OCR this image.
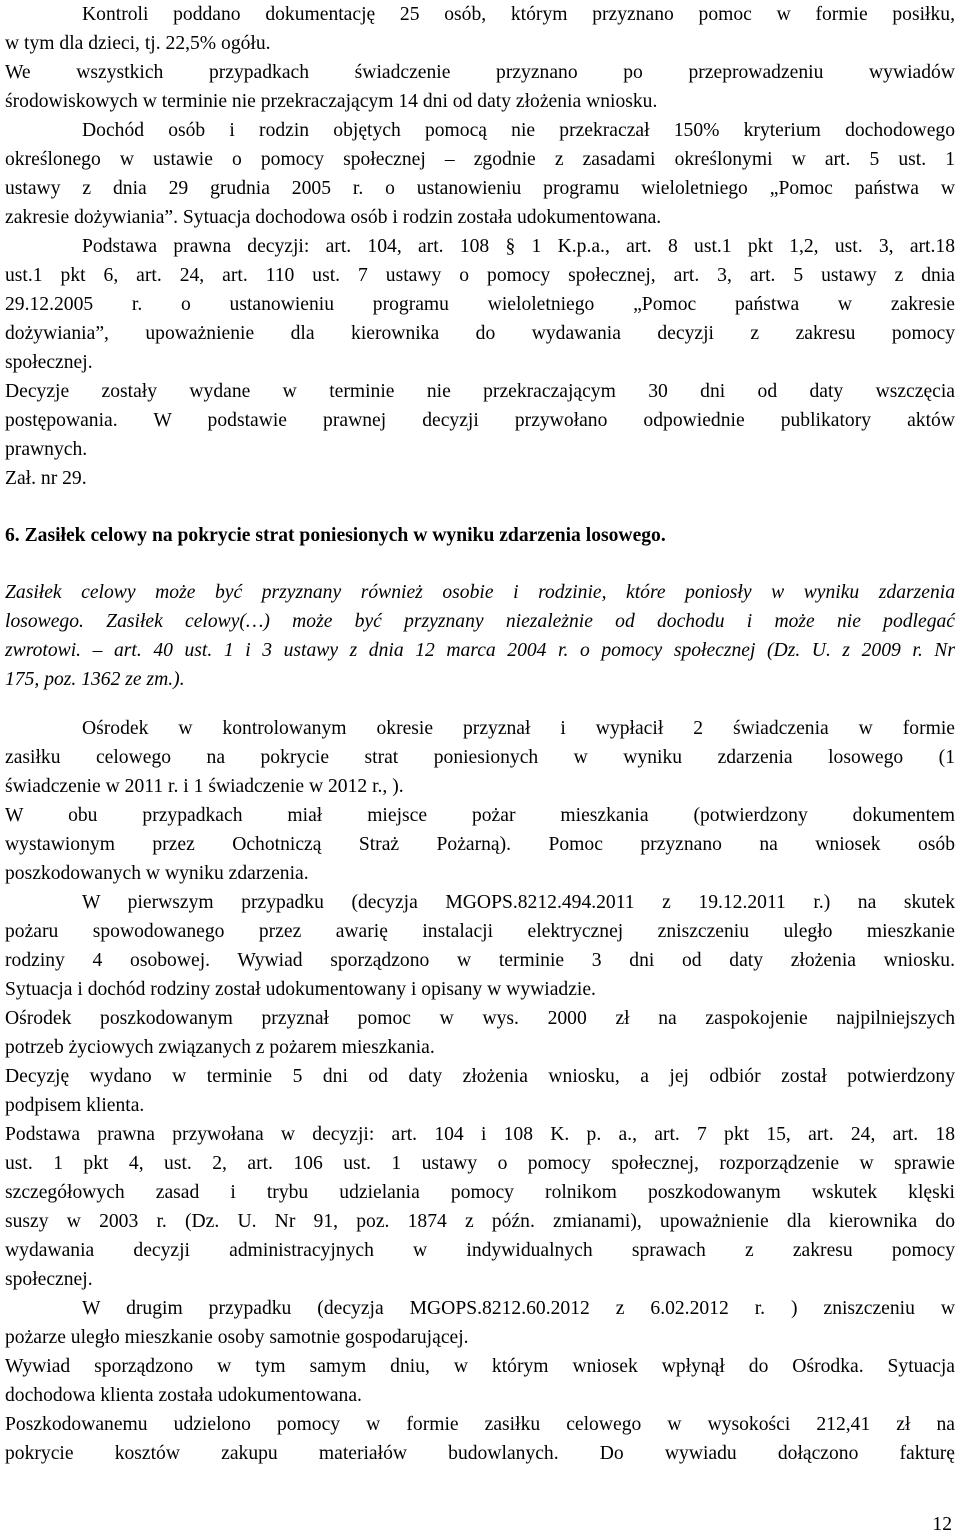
Kontroli poddano dokumentację 25 osób, którym przyznano pomoc w formie posiłku,
w tym dla dzieci, tj. 22,5% ogółu.
We wszystkich przypadkach świadczenie przyznano po przeprowadzeniu wywiadów
środowiskowych w terminie nie przekraczającym 14 dni od daty złożenia wniosku.
Dochód osób i rodzin objętych pomocą nie przekraczał 150% kryterium dochodowego
określonego w ustawie o pomocy społecznej – zgodnie z zasadami określonymi w art. 5 ust. 1
ustawy z dnia 29 grudnia 2005 r. o ustanowieniu programu wieloletniego „Pomoc państwa w
zakresie dożywiania”. Sytuacja dochodowa osób i rodzin została udokumentowana.
Podstawa prawna decyzji: art. 104, art. 108 § 1 K.p.a., art. 8 ust.1 pkt 1,2, ust. 3, art.18
ust.1 pkt 6, art. 24, art. 110 ust. 7 ustawy o pomocy społecznej, art. 3, art. 5 ustawy z dnia
29.12.2005 r. o ustanowieniu programu wieloletniego „Pomoc państwa w zakresie
dożywiania”, upoważnienie dla kierownika do wydawania decyzji z zakresu pomocy
społecznej.
Decyzje zostały wydane w terminie nie przekraczającym 30 dni od daty wszczęcia
postępowania. W podstawie prawnej decyzji przywołano odpowiednie publikatory aktów
prawnych.
Zał. nr 29.
6. Zasiłek celowy na pokrycie strat poniesionych w wyniku zdarzenia losowego.
Zasiłek celowy może być przyznany również osobie i rodzinie, które poniosły w wyniku zdarzenia
losowego. Zasiłek celowy(…) może być przyznany niezależnie od dochodu i może nie podlegać
zwrotowi. – art. 40 ust. 1 i 3 ustawy z dnia 12 marca 2004 r. o pomocy społecznej (Dz. U. z 2009 r. Nr
175, poz. 1362 ze zm.).
Ośrodek w kontrolowanym okresie przyznał i wypłacił 2 świadczenia w formie
zasiłku celowego na pokrycie strat poniesionych w wyniku zdarzenia losowego (1
świadczenie w 2011 r. i 1 świadczenie w 2012 r., ).
W obu przypadkach miał miejsce pożar mieszkania (potwierdzony dokumentem
wystawionym przez Ochotniczą Straż Pożarną). Pomoc przyznano na wniosek osób
poszkodowanych w wyniku zdarzenia.
W pierwszym przypadku (decyzja MGOPS.8212.494.2011 z 19.12.2011 r.) na skutek
pożaru spowodowanego przez awarię instalacji elektrycznej zniszczeniu uległo mieszkanie
rodziny 4 osobowej. Wywiad sporządzono w terminie 3 dni od daty złożenia wniosku.
Sytuacja i dochód rodziny został udokumentowany i opisany w wywiadzie.
Ośrodek poszkodowanym przyznał pomoc w wys. 2000 zł na zaspokojenie najpilniejszych
potrzeb życiowych związanych z pożarem mieszkania.
Decyzję wydano w terminie 5 dni od daty złożenia wniosku, a jej odbiór został potwierdzony
podpisem klienta.
Podstawa prawna przywołana w decyzji: art. 104 i 108 K. p. a., art. 7 pkt 15, art. 24, art. 18
ust. 1 pkt 4, ust. 2, art. 106 ust. 1 ustawy o pomocy społecznej, rozporządzenie w sprawie
szczegółowych zasad i trybu udzielania pomocy rolnikom poszkodowanym wskutek klęski
suszy w 2003 r. (Dz. U. Nr 91, poz. 1874 z późn. zmianami), upoważnienie dla kierownika do
wydawania decyzji administracyjnych w indywidualnych sprawach z zakresu pomocy
społecznej.
W drugim przypadku (decyzja MGOPS.8212.60.2012 z 6.02.2012 r. ) zniszczeniu w
pożarze uległo mieszkanie osoby samotnie gospodarującej.
Wywiad sporządzono w tym samym dniu, w którym wniosek wpłynął do Ośrodka. Sytuacja
dochodowa klienta została udokumentowana.
Poszkodowanemu udzielono pomocy w formie zasiłku celowego w wysokości 212,41 zł na
pokrycie kosztów zakupu materiałów budowlanych. Do wywiadu dołączono fakturę
12
